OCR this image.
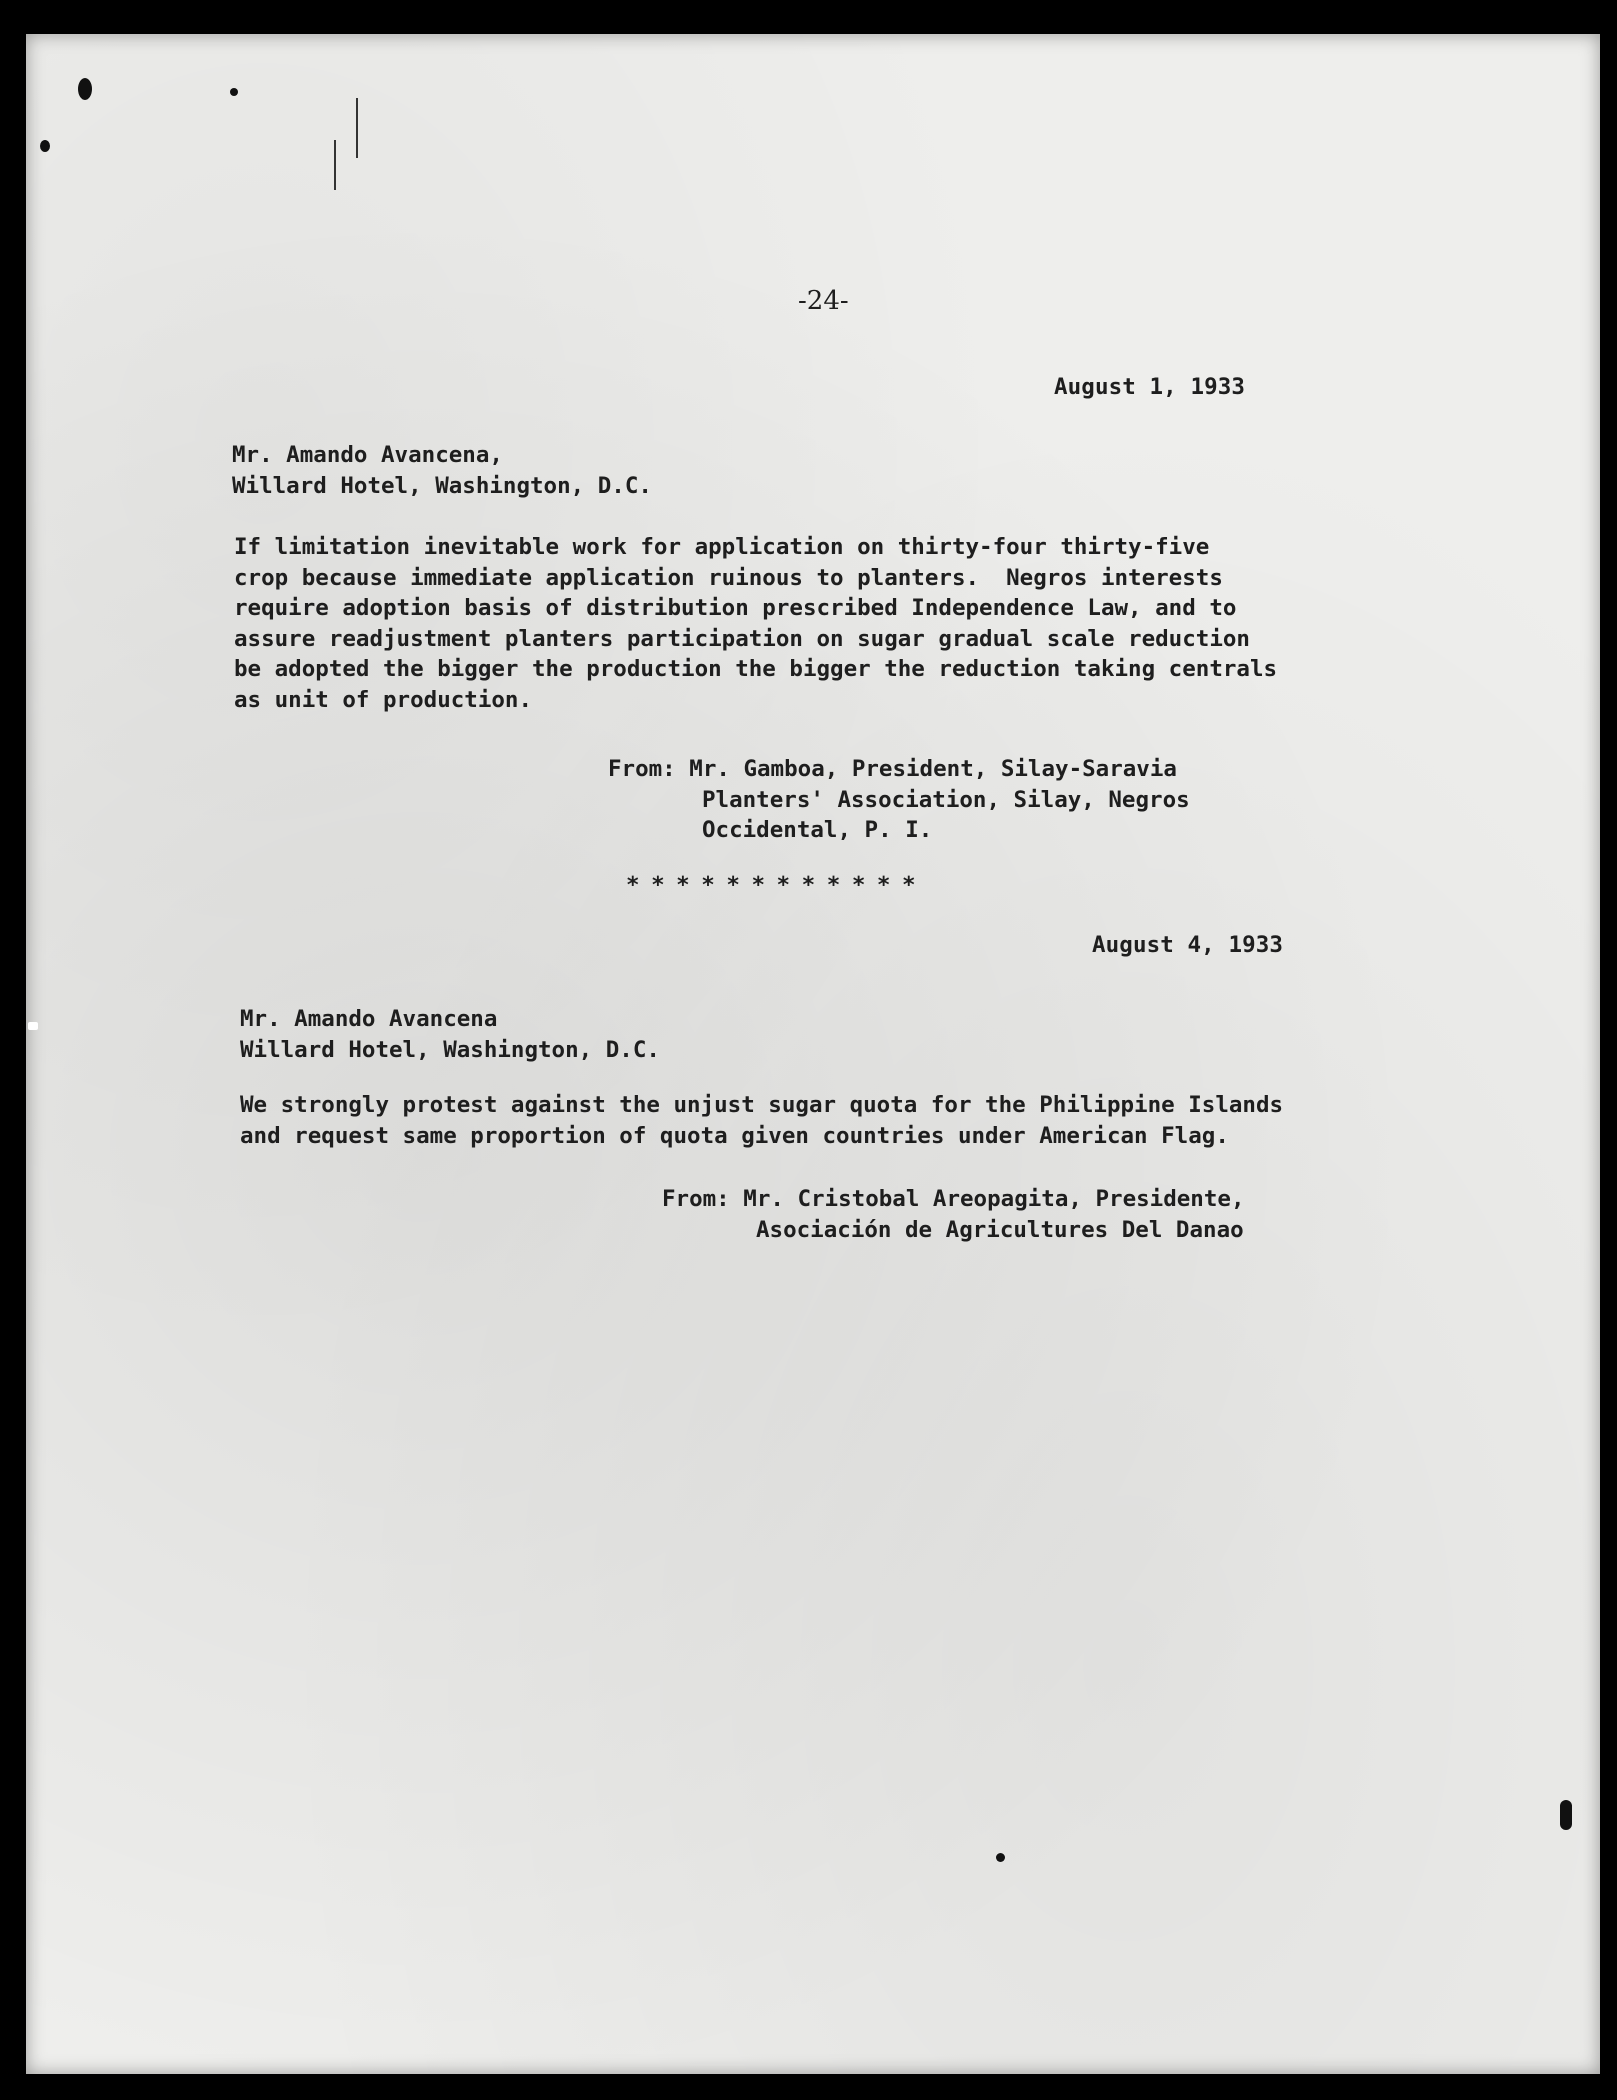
-24-
August 1, 1933
Mr. Amando Avancena,
Willard Hotel, Washington, D.C.
If limitation inevitable work for application on thirty-four thirty-five
crop because immediate application ruinous to planters.  Negros interests
require adoption basis of distribution prescribed Independence Law, and to
assure readjustment planters participation on sugar gradual scale reduction
be adopted the bigger the production the bigger the reduction taking centrals
as unit of production.
From: Mr. Gamboa, President, Silay-Saravia
Planters' Association, Silay, Negros
Occidental, P. I.
* * * * * * * * * * * *
August 4, 1933
Mr. Amando Avancena
Willard Hotel, Washington, D.C.
We strongly protest against the unjust sugar quota for the Philippine Islands
and request same proportion of quota given countries under American Flag.
From: Mr. Cristobal Areopagita, Presidente,
Asociación de Agricultures Del Danao
